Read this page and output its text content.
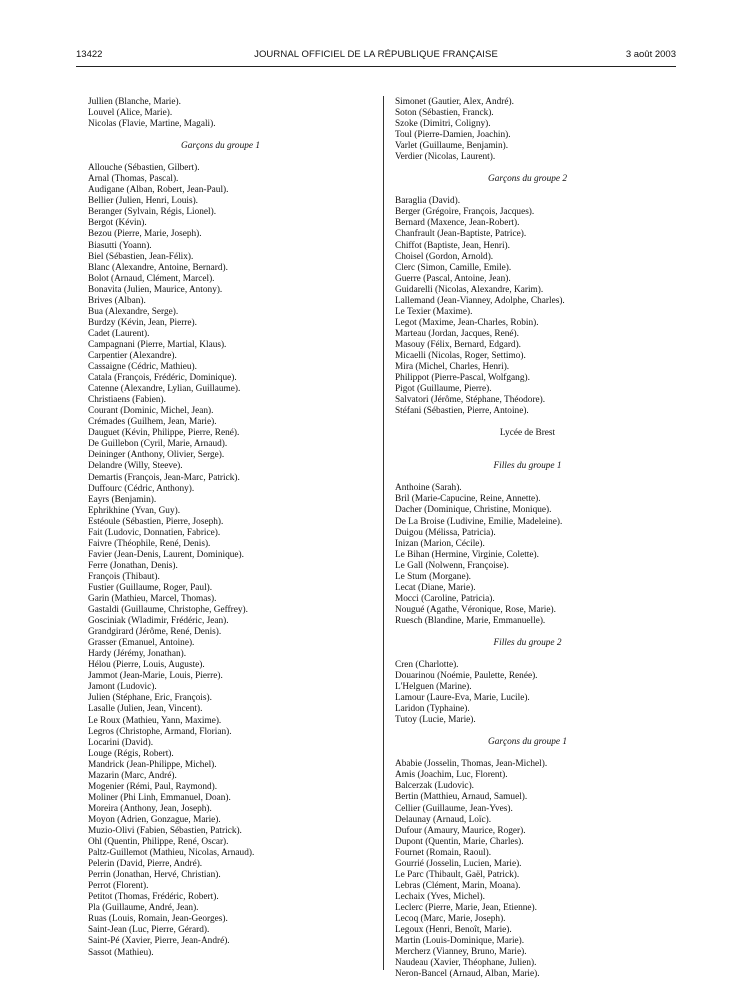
13422	JOURNAL OFFICIEL DE LA RÉPUBLIQUE FRANÇAISE	3 août 2003
Jullien (Blanche, Marie).
Louvel (Alice, Marie).
Nicolas (Flavie, Martine, Magali).
Garçons du groupe 1
Allouche (Sébastien, Gilbert).
Arnal (Thomas, Pascal).
Audigane (Alban, Robert, Jean-Paul).
Bellier (Julien, Henri, Louis).
Beranger (Sylvain, Régis, Lionel).
Bergot (Kévin).
Bezou (Pierre, Marie, Joseph).
Biasutti (Yoann).
Biel (Sébastien, Jean-Félix).
Blanc (Alexandre, Antoine, Bernard).
Bolot (Arnaud, Clément, Marcel).
Bonavita (Julien, Maurice, Antony).
Brives (Alban).
Bua (Alexandre, Serge).
Burdzy (Kévin, Jean, Pierre).
Cadet (Laurent).
Campagnani (Pierre, Martial, Klaus).
Carpentier (Alexandre).
Cassaigne (Cédric, Mathieu).
Catala (François, Frédéric, Dominique).
Catenne (Alexandre, Lylian, Guillaume).
Christiaens (Fabien).
Courant (Dominic, Michel, Jean).
Crémades (Guilhem, Jean, Marie).
Dauguet (Kévin, Philippe, Pierre, René).
De Guillebon (Cyril, Marie, Arnaud).
Deininger (Anthony, Olivier, Serge).
Delandre (Willy, Steeve).
Demartis (François, Jean-Marc, Patrick).
Duffourc (Cédric, Anthony).
Eayrs (Benjamin).
Ephrikhine (Yvan, Guy).
Estéoule (Sébastien, Pierre, Joseph).
Fait (Ludovic, Donnatien, Fabrice).
Faivre (Théophile, René, Denis).
Favier (Jean-Denis, Laurent, Dominique).
Ferre (Jonathan, Denis).
François (Thibaut).
Fustier (Guillaume, Roger, Paul).
Garin (Mathieu, Marcel, Thomas).
Gastaldi (Guillaume, Christophe, Geffrey).
Gosciniak (Wladimir, Frédéric, Jean).
Grandgirard (Jérôme, René, Denis).
Grasser (Emanuel, Antoine).
Hardy (Jérémy, Jonathan).
Hélou (Pierre, Louis, Auguste).
Jammot (Jean-Marie, Louis, Pierre).
Jamont (Ludovic).
Julien (Stéphane, Eric, François).
Lasalle (Julien, Jean, Vincent).
Le Roux (Mathieu, Yann, Maxime).
Legros (Christophe, Armand, Florian).
Locarini (David).
Louge (Régis, Robert).
Mandrick (Jean-Philippe, Michel).
Mazarin (Marc, André).
Mogenier (Rémi, Paul, Raymond).
Moliner (Phi Linh, Emmanuel, Doan).
Moreira (Anthony, Jean, Joseph).
Moyon (Adrien, Gonzague, Marie).
Muzio-Olivi (Fabien, Sébastien, Patrick).
Ohl (Quentin, Philippe, René, Oscar).
Paltz-Guillemot (Mathieu, Nicolas, Arnaud).
Pelerin (David, Pierre, André).
Perrin (Jonathan, Hervé, Christian).
Perrot (Florent).
Petitot (Thomas, Frédéric, Robert).
Pla (Guillaume, André, Jean).
Ruas (Louis, Romain, Jean-Georges).
Saint-Jean (Luc, Pierre, Gérard).
Saint-Pé (Xavier, Pierre, Jean-André).
Sassot (Mathieu).
Simonet (Gautier, Alex, André).
Soton (Sébastien, Franck).
Szoke (Dimitri, Coligny).
Toul (Pierre-Damien, Joachin).
Varlet (Guillaume, Benjamin).
Verdier (Nicolas, Laurent).
Garçons du groupe 2
Baraglia (David).
Berger (Grégoire, François, Jacques).
Bernard (Maxence, Jean-Robert).
Chanfrault (Jean-Baptiste, Patrice).
Chiffot (Baptiste, Jean, Henri).
Choisel (Gordon, Arnold).
Clerc (Simon, Camille, Emile).
Guerre (Pascal, Antoine, Jean).
Guidarelli (Nicolas, Alexandre, Karim).
Lallemand (Jean-Vianney, Adolphe, Charles).
Le Texier (Maxime).
Legot (Maxime, Jean-Charles, Robin).
Marteau (Jordan, Jacques, René).
Masouy (Félix, Bernard, Edgard).
Micaelli (Nicolas, Roger, Settimo).
Mira (Michel, Charles, Henri).
Philippot (Pierre-Pascal, Wolfgang).
Pigot (Guillaume, Pierre).
Salvatori (Jérôme, Stéphane, Théodore).
Stéfani (Sébastien, Pierre, Antoine).
Lycée de Brest
Filles du groupe 1
Anthoine (Sarah).
Bril (Marie-Capucine, Reine, Annette).
Dacher (Dominique, Christine, Monique).
De La Broise (Ludivine, Emilie, Madeleine).
Duigou (Mélissa, Patricia).
Inizan (Marion, Cécile).
Le Bihan (Hermine, Virginie, Colette).
Le Gall (Nolwenn, Françoise).
Le Stum (Morgane).
Lecat (Diane, Marie).
Mocci (Caroline, Patricia).
Nougué (Agathe, Véronique, Rose, Marie).
Ruesch (Blandine, Marie, Emmanuelle).
Filles du groupe 2
Cren (Charlotte).
Douarinou (Noémie, Paulette, Renée).
L'Helguen (Marine).
Lamour (Laure-Eva, Marie, Lucile).
Laridon (Typhaine).
Tutoy (Lucie, Marie).
Garçons du groupe 1
Ababie (Josselin, Thomas, Jean-Michel).
Amis (Joachim, Luc, Florent).
Balcerzak (Ludovic).
Bertin (Matthieu, Arnaud, Samuel).
Cellier (Guillaume, Jean-Yves).
Delaunay (Arnaud, Loïc).
Dufour (Amaury, Maurice, Roger).
Dupont (Quentin, Marie, Charles).
Fournet (Romain, Raoul).
Gourrié (Josselin, Lucien, Marie).
Le Parc (Thibault, Gaël, Patrick).
Lebras (Clément, Marin, Moana).
Lechaix (Yves, Michel).
Leclerc (Pierre, Marie, Jean, Etienne).
Lecoq (Marc, Marie, Joseph).
Legoux (Henri, Benoît, Marie).
Martin (Louis-Dominique, Marie).
Mercherz (Vianney, Bruno, Marie).
Naudeau (Xavier, Théophane, Julien).
Neron-Bancel (Arnaud, Alban, Marie).
